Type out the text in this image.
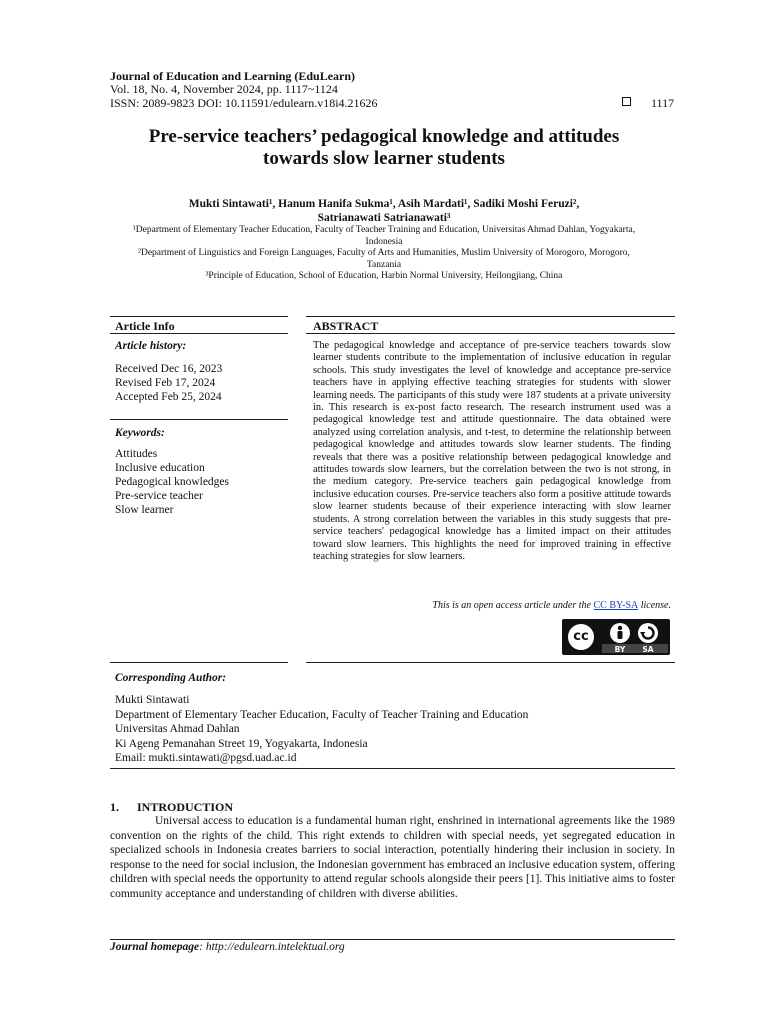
Journal of Education and Learning (EduLearn)
Vol. 18, No. 4, November 2024, pp. 1117~1124
ISSN: 2089-9823 DOI: 10.11591/edulearn.v18i4.21626	1117
Pre-service teachers’ pedagogical knowledge and attitudes
towards slow learner students
Mukti Sintawati¹, Hanum Hanifa Sukma¹, Asih Mardati¹, Sadiki Moshi Feruzi²,
Satrianawati Satrianawati³
¹Department of Elementary Teacher Education, Faculty of Teacher Training and Education, Universitas Ahmad Dahlan, Yogyakarta, Indonesia
²Department of Linguistics and Foreign Languages, Faculty of Arts and Humanities, Muslim University of Morogoro, Morogoro, Tanzania
³Principle of Education, School of Education, Harbin Normal University, Heilongjiang, China
Article Info	ABSTRACT
Article history:
Received Dec 16, 2023
Revised Feb 17, 2024
Accepted Feb 25, 2024
Keywords:
Attitudes
Inclusive education
Pedagogical knowledges
Pre-service teacher
Slow learner
The pedagogical knowledge and acceptance of pre-service teachers towards slow learner students contribute to the implementation of inclusive education in regular schools. This study investigates the level of knowledge and acceptance pre-service teachers have in applying effective teaching strategies for students with slower learning needs. The participants of this study were 187 students at a private university in. This research is ex-post facto research. The research instrument used was a pedagogical knowledge test and attitude questionnaire. The data obtained were analyzed using correlation analysis, and t-test, to determine the relationship between pedagogical knowledge and attitudes towards slow learner students. The finding reveals that there was a positive relationship between pedagogical knowledge and attitudes towards slow learners, but the correlation between the two is not strong, in the medium category. Pre-service teachers gain pedagogical knowledge from inclusive education courses. Pre-service teachers also form a positive attitude towards slow learner students because of their experience interacting with slow learner students. A strong correlation between the variables in this study suggests that pre-service teachers' pedagogical knowledge has a limited impact on their attitudes toward slow learners. This highlights the need for improved training in effective teaching strategies for slow learners.
This is an open access article under the CC BY-SA license.
cc
BY	SA
Corresponding Author:
Mukti Sintawati
Department of Elementary Teacher Education, Faculty of Teacher Training and Education
Universitas Ahmad Dahlan
Ki Ageng Pemanahan Street 19, Yogyakarta, Indonesia
Email: mukti.sintawati@pgsd.uad.ac.id
1. INTRODUCTION
Universal access to education is a fundamental human right, enshrined in international agreements like the 1989 convention on the rights of the child. This right extends to children with special needs, yet segregated education in specialized schools in Indonesia creates barriers to social interaction, potentially hindering their inclusion in society. In response to the need for social inclusion, the Indonesian government has embraced an inclusive education system, offering children with special needs the opportunity to attend regular schools alongside their peers [1]. This initiative aims to foster community acceptance and understanding of children with diverse abilities.
Journal homepage: http://edulearn.intelektual.org
